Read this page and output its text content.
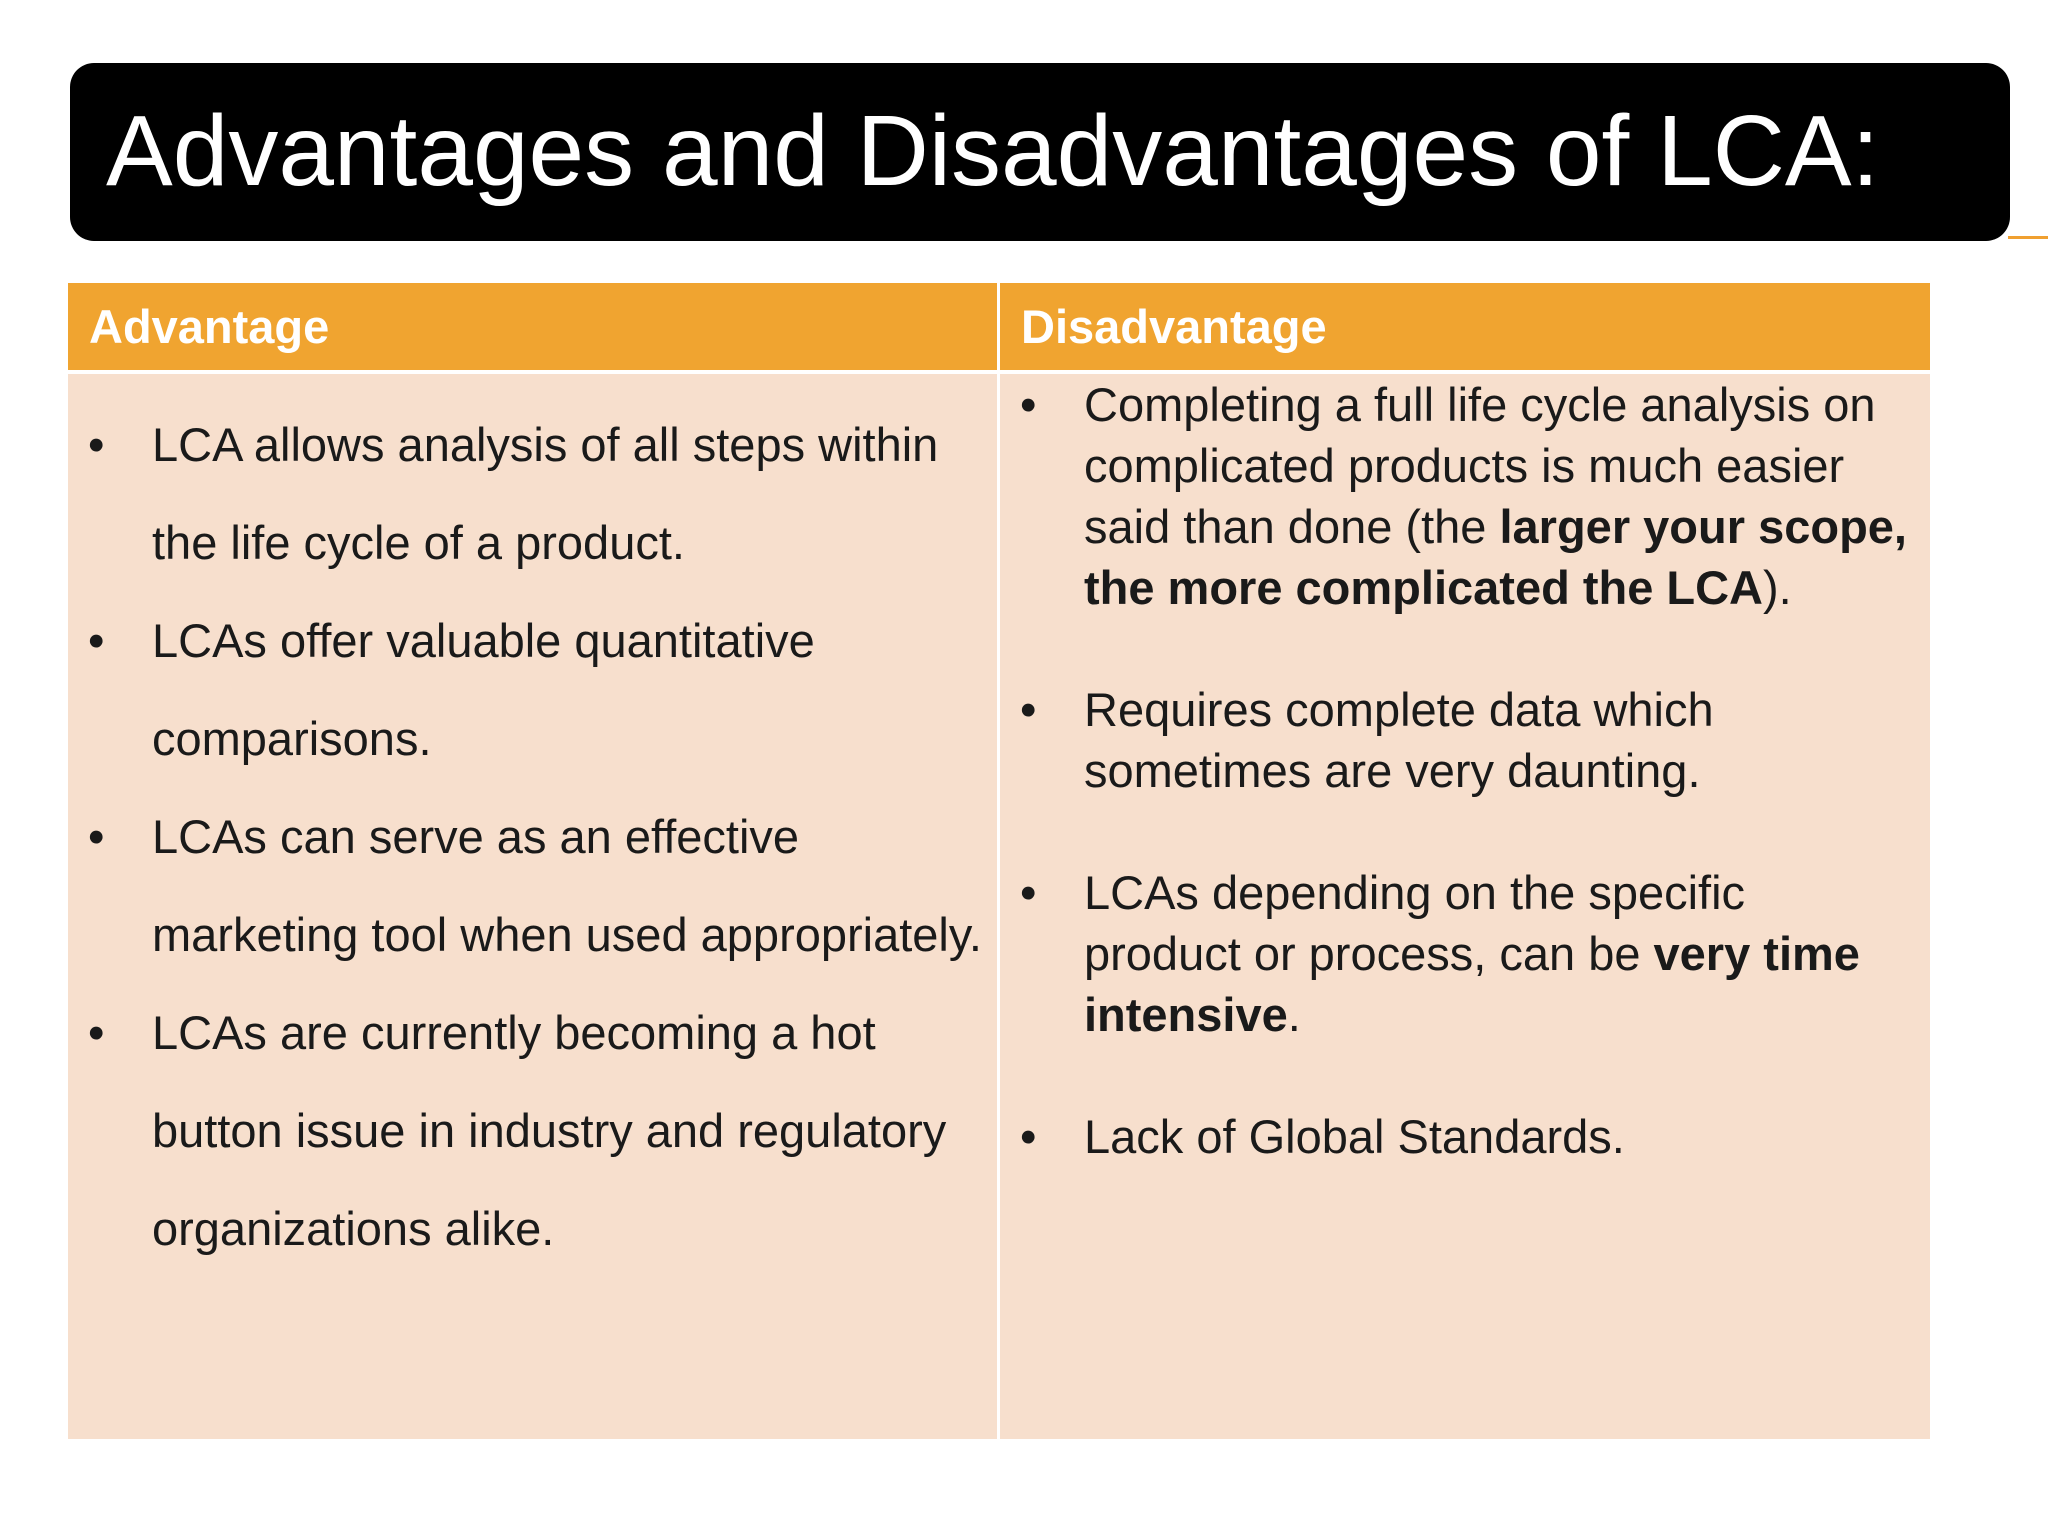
Advantages and Disadvantages of LCA:
Advantage	Disadvantage
• LCA allows analysis of all steps within the life cycle of a product.
• LCAs offer valuable quantitative comparisons.
• LCAs can serve as an effective marketing tool when used appropriately.
• LCAs are currently becoming a hot button issue in industry and regulatory organizations alike.
• Completing a full life cycle analysis on complicated products is much easier said than done (the larger your scope, the more complicated the LCA).
• Requires complete data which sometimes are very daunting.
• LCAs depending on the specific product or process, can be very time intensive.
• Lack of Global Standards.
